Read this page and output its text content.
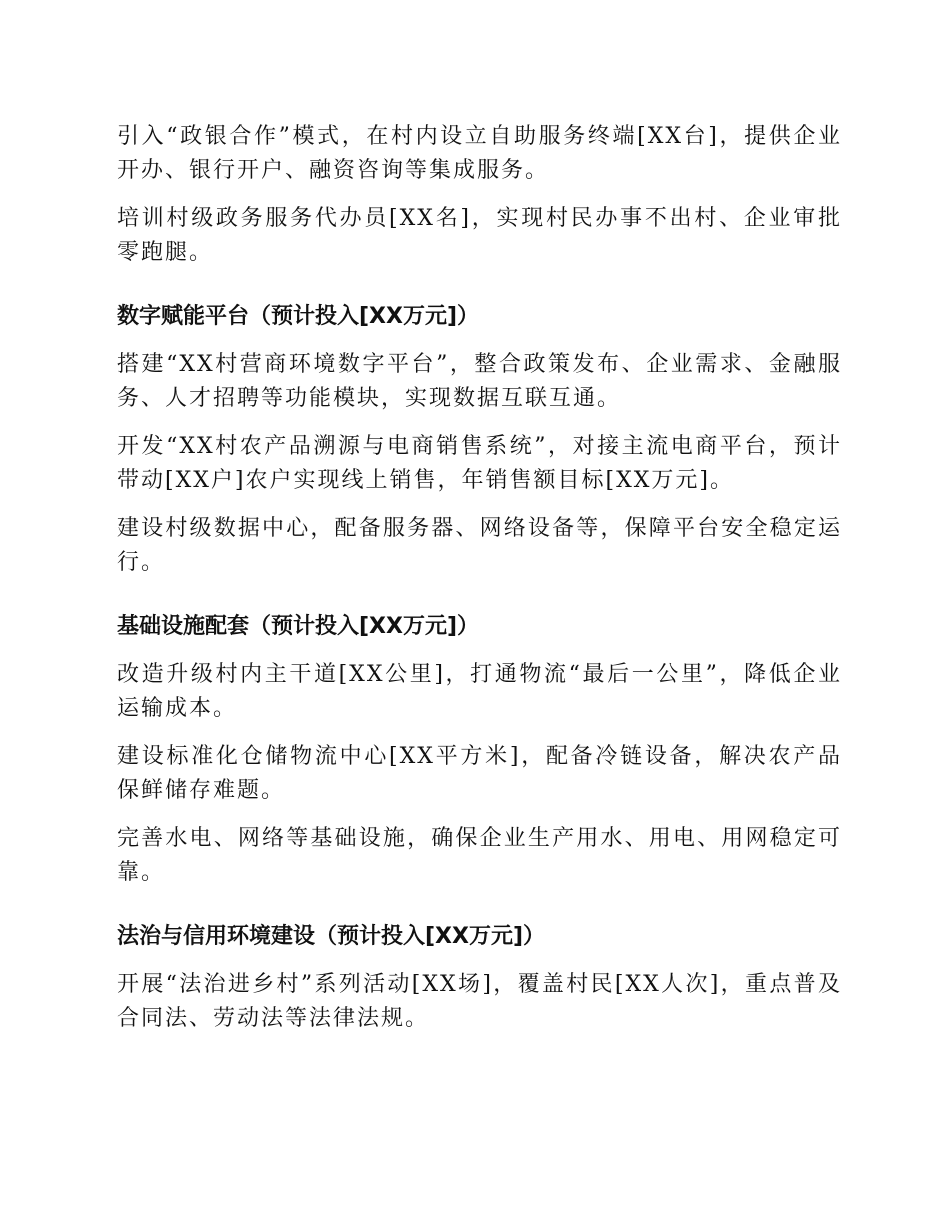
引入“政银合作”模式，在村内设立自助服务终端[XX台]，提供企业开办、银行开户、融资咨询等集成服务。

培训村级政务服务代办员[XX名]，实现村民办事不出村、企业审批零跑腿。

数字赋能平台（预计投入[XX万元]）

搭建“XX村营商环境数字平台”，整合政策发布、企业需求、金融服务、人才招聘等功能模块，实现数据互联互通。

开发“XX村农产品溯源与电商销售系统”，对接主流电商平台，预计带动[XX户]农户实现线上销售，年销售额目标[XX万元]。

建设村级数据中心，配备服务器、网络设备等，保障平台安全稳定运行。

基础设施配套（预计投入[XX万元]）

改造升级村内主干道[XX公里]，打通物流“最后一公里”，降低企业运输成本。

建设标准化仓储物流中心[XX平方米]，配备冷链设备，解决农产品保鲜储存难题。

完善水电、网络等基础设施，确保企业生产用水、用电、用网稳定可靠。

法治与信用环境建设（预计投入[XX万元]）

开展“法治进乡村”系列活动[XX场]，覆盖村民[XX人次]，重点普及合同法、劳动法等法律法规。
